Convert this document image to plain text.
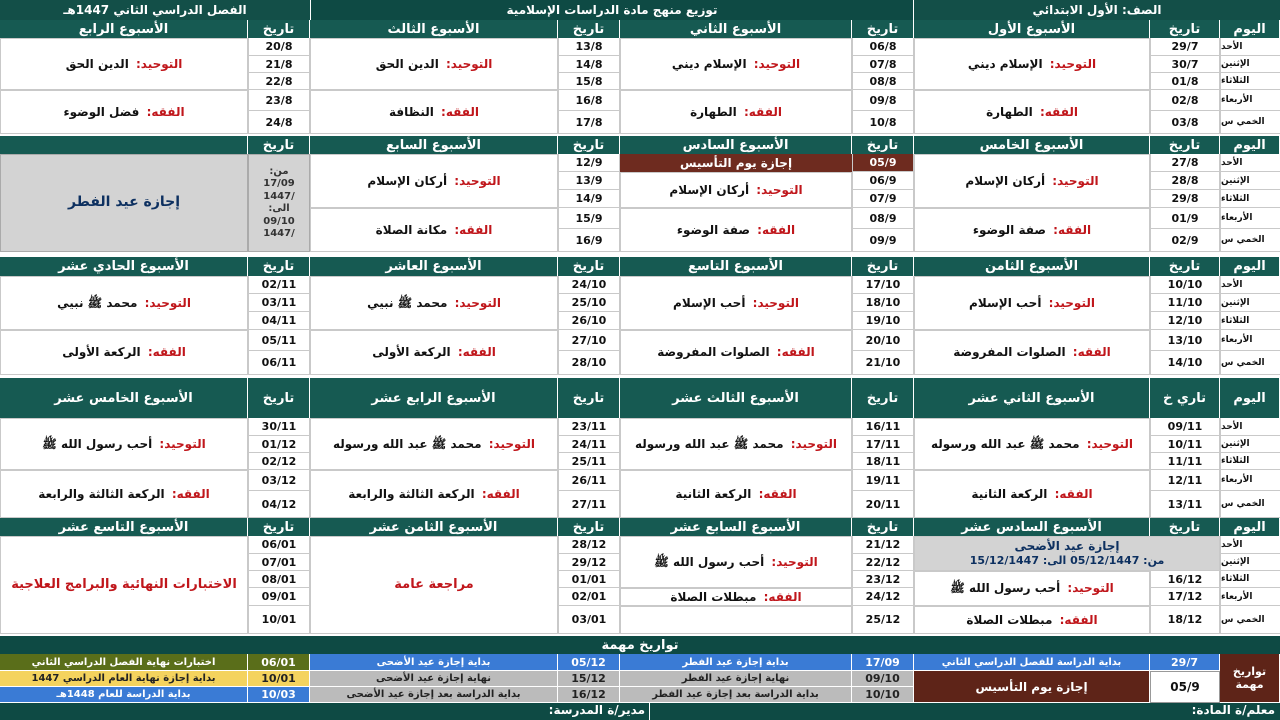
الصف: الأول الابتدائي
توزيع منهج مادة الدراسات الإسلامية
الفصل الدراسي الثاني 1447هـ
اليوم
الأحد
الإثنين
الثلاثاء
الأربعاء
الخمي س
تاريخ
الأسبوع الأول
29/7
30/7
01/8
02/8
03/8
التوحيد: الإسلام ديني
الفقه: الطهارة
تاريخ
الأسبوع الثاني
06/8
07/8
08/8
09/8
10/8
التوحيد: الإسلام ديني
الفقه: الطهارة
تاريخ
الأسبوع الثالث
13/8
14/8
15/8
16/8
17/8
التوحيد: الدين الحق
الفقه: النظافة
تاريخ
الأسبوع الرابع
20/8
21/8
22/8
23/8
24/8
التوحيد: الدين الحق
الفقه: فضل الوضوء
اليوم
الأحد
الإثنين
الثلاثاء
الأربعاء
الخمي س
تاريخ
الأسبوع الخامس
27/8
28/8
29/8
01/9
02/9
التوحيد: أركان الإسلام
الفقه: صفة الوضوء
تاريخ
الأسبوع السادس
05/9
06/9
07/9
08/9
09/9
إجازة يوم التأسيس
التوحيد: أركان الإسلام
الفقه: صفة الوضوء
تاريخ
الأسبوع السابع
12/9
13/9
14/9
15/9
16/9
التوحيد: أركان الإسلام
الفقه: مكانة الصلاة
تاريخ
من:
17/09
/1447
الى:
09/10
/1447
إجازة عيد الفطر
اليوم
الأحد
الإثنين
الثلاثاء
الأربعاء
الخمي س
تاريخ
الأسبوع الثامن
10/10
11/10
12/10
13/10
14/10
التوحيد: أحب الإسلام
الفقه: الصلوات المفروضة
تاريخ
الأسبوع التاسع
17/10
18/10
19/10
20/10
21/10
التوحيد: أحب الإسلام
الفقه: الصلوات المفروضة
تاريخ
الأسبوع العاشر
24/10
25/10
26/10
27/10
28/10
التوحيد: محمد ﷺ نبيي
الفقه: الركعة الأولى
تاريخ
الأسبوع الحادي عشر
02/11
03/11
04/11
05/11
06/11
التوحيد: محمد ﷺ نبيي
الفقه: الركعة الأولى
اليوم
الأحد
الإثنين
الثلاثاء
الأربعاء
الخمي س
تاري خ
الأسبوع الثاني عشر
09/11
10/11
11/11
12/11
13/11
التوحيد: محمد ﷺ عبد الله ورسوله
الفقه: الركعة الثانية
تاريخ
الأسبوع الثالث عشر
16/11
17/11
18/11
19/11
20/11
التوحيد: محمد ﷺ عبد الله ورسوله
الفقه: الركعة الثانية
تاريخ
الأسبوع الرابع عشر
23/11
24/11
25/11
26/11
27/11
التوحيد: محمد ﷺ عبد الله ورسوله
الفقه: الركعة الثالثة والرابعة
تاريخ
الأسبوع الخامس عشر
30/11
01/12
02/12
03/12
04/12
التوحيد: أحب رسول الله ﷺ
الفقه: الركعة الثالثة والرابعة
اليوم
الأحد
الإثنين
الثلاثاء
الأربعاء
الخمي س
تاريخ
الأسبوع السادس عشر
إجازة عيد الأضحى
من: 05/12/1447 الى: 15/12/1447
16/12
17/12
18/12
التوحيد: أحب رسول الله ﷺ
الفقه: مبطلات الصلاة
تاريخ
الأسبوع السابع عشر
21/12
22/12
23/12
24/12
25/12
التوحيد: أحب رسول الله ﷺ
الفقه: مبطلات الصلاة
تاريخ
الأسبوع الثامن عشر
28/12
29/12
01/01
02/01
03/01
مراجعة عامة
تاريخ
الأسبوع التاسع عشر
06/01
07/01
08/01
09/01
10/01
الاختبارات النهائية والبرامج العلاجية
تواريخ مهمة
تواريخ مهمة
29/7
بداية الدراسة للفصل الدراسي الثاني
17/09
بداية إجازة عيد الفطر
05/12
بداية إجازة عيد الأضحى
06/01
اختبارات نهاية الفصل الدراسي الثاني
05/9
إجازة يوم التأسيس
09/10
نهاية إجازة عيد الفطر
15/12
نهاية إجازة عيد الأضحى
10/01
بداية إجازة نهاية العام الدراسي 1447
10/10
بداية الدراسة بعد إجازة عيد الفطر
16/12
بداية الدراسة بعد إجازة عيد الأضحى
10/03
بداية الدراسة للعام 1448هـ
معلم/ة المادة:
مدير/ة المدرسة:
